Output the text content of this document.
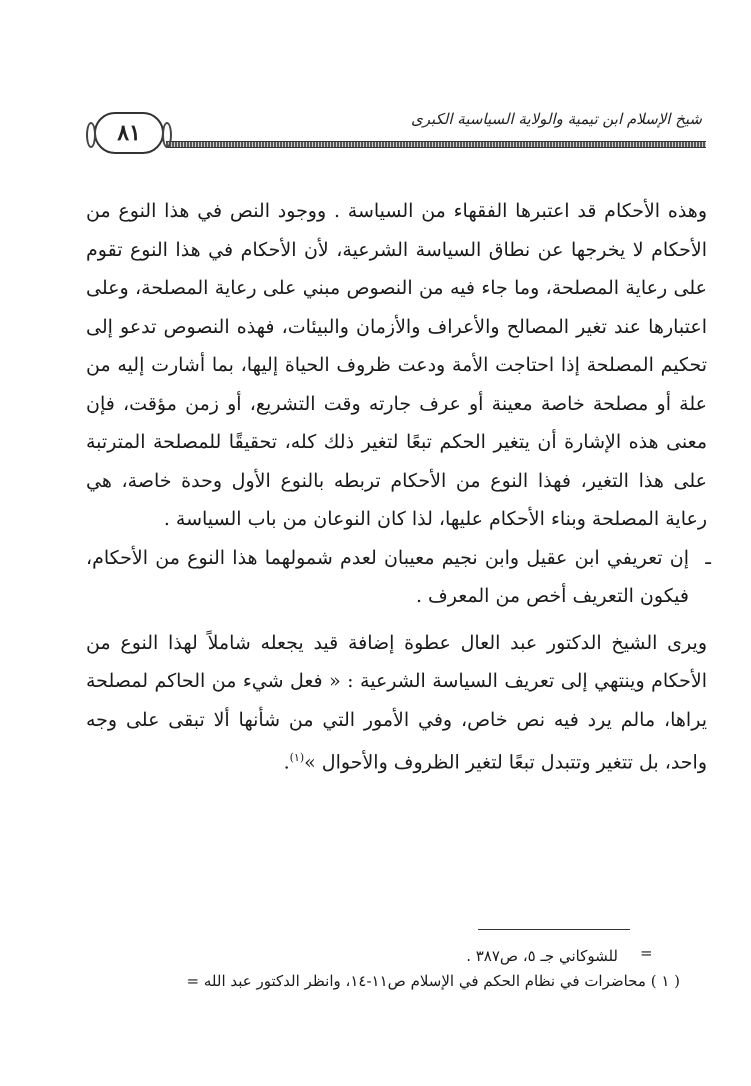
شيخ الإسلام ابن تيمية والولاية السياسية الكبرى
٨١

وهذه الأحكام قد اعتبرها الفقهاء من السياسة . ووجود النص في هذا النوع من الأحكام لا يخرجها عن نطاق السياسة الشرعية، لأن الأحكام في هذا النوع تقوم على رعاية المصلحة، وما جاء فيه من النصوص مبني على رعاية المصلحة، وعلى اعتبارها عند تغير المصالح والأعراف والأزمان والبيئات، فهذه النصوص تدعو إلى تحكيم المصلحة إذا احتاجت الأمة ودعت ظروف الحياة إليها، بما أشارت إليه من علة أو مصلحة خاصة معينة أو عرف جارته وقت التشريع، أو زمن مؤقت، فإن معنى هذه الإشارة أن يتغير الحكم تبعًا لتغير ذلك كله، تحقيقًا للمصلحة المترتبة على هذا التغير، فهذا النوع من الأحكام تربطه بالنوع الأول وحدة خاصة، هي رعاية المصلحة وبناء الأحكام عليها، لذا كان النوعان من باب السياسة .

ـ
إن تعريفي ابن عقيل وابن نجيم معيبان لعدم شمولهما هذا النوع من الأحكام، فيكون التعريف أخص من المعرف .

ويرى الشيخ الدكتور عبد العال عطوة إضافة قيد يجعله شاملاً لهذا النوع من الأحكام وينتهي إلى تعريف السياسة الشرعية : « فعل شيء من الحاكم لمصلحة يراها، مالم يرد فيه نص خاص، وفي الأمور التي من شأنها ألا تبقى على وجه واحد، بل تتغير وتتبدل تبعًا لتغير الظروف والأحوال »$^{(١)}$.

للشوكاني جـ ٥، ص٣٨٧ .

( ١ ) محاضرات في نظام الحكم في الإسلام ص١١-١٤، وانظر الدكتور عبد الله =

=
